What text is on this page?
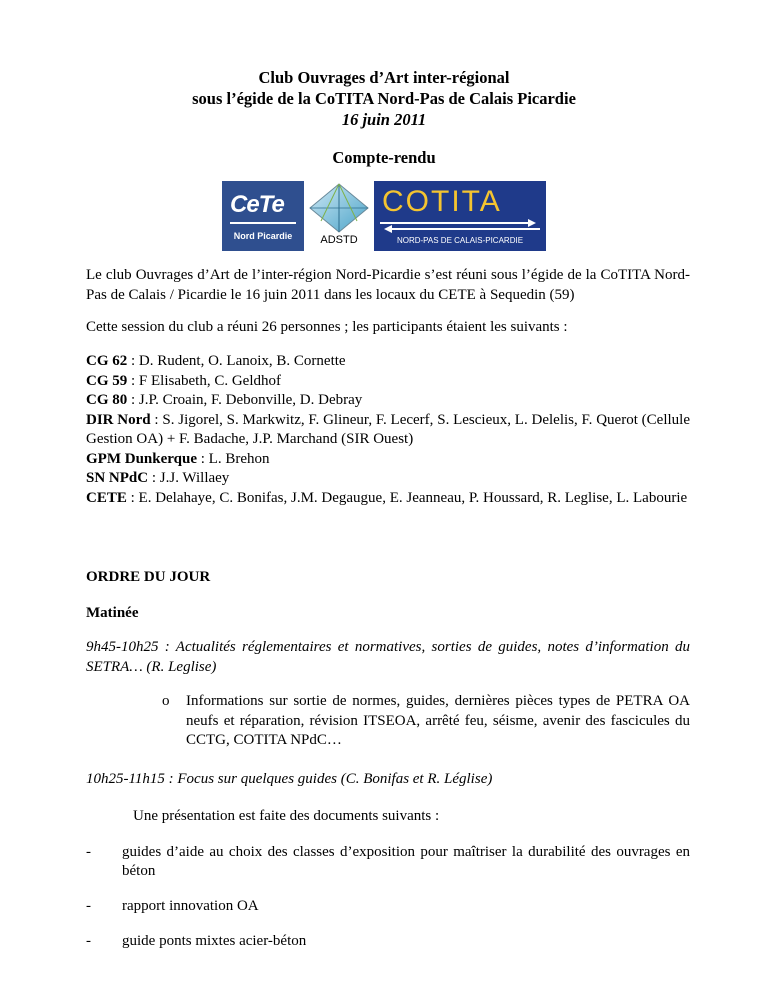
Club Ouvrages d’Art inter-régional
sous l’égide de la CoTITA Nord-Pas de Calais Picardie
16 juin 2011
Compte-rendu
CeTe
Nord Picardie	ADSTD
COTITA
NORD-PAS DE CALAIS-PICARDIE
Le club Ouvrages d’Art de l’inter-région Nord-Picardie s’est réuni sous l’égide de la CoTITA Nord-Pas de Calais / Picardie le 16 juin 2011 dans les locaux du CETE à Sequedin (59)
Cette session du club a réuni 26 personnes ; les participants étaient les suivants :
CG 62 : D. Rudent, O. Lanoix, B. Cornette
CG 59 : F Elisabeth, C. Geldhof
CG 80 : J.P. Croain, F. Debonville, D. Debray
DIR Nord : S. Jigorel, S. Markwitz, F. Glineur, F. Lecerf, S. Lescieux, L. Delelis, F. Querot (Cellule Gestion OA) + F. Badache, J.P. Marchand (SIR Ouest)
GPM Dunkerque : L. Brehon
SN NPdC : J.J. Willaey
CETE : E. Delahaye, C. Bonifas, J.M. Degaugue, E. Jeanneau, P. Houssard, R. Leglise, L. Labourie
ORDRE DU JOUR
Matinée
9h45-10h25 : Actualités réglementaires et normatives, sorties de guides, notes d’information du SETRA… (R. Leglise)
o Informations sur sortie de normes, guides, dernières pièces types de PETRA OA neufs et réparation, révision ITSEOA, arrêté feu, séisme, avenir des fascicules du CCTG, COTITA NPdC…
10h25-11h15 : Focus sur quelques guides (C. Bonifas et R. Léglise)
Une présentation est faite des documents suivants :
- guides d’aide au choix des classes d’exposition pour maîtriser la durabilité des ouvrages en béton
- rapport innovation OA
- guide ponts mixtes acier-béton
